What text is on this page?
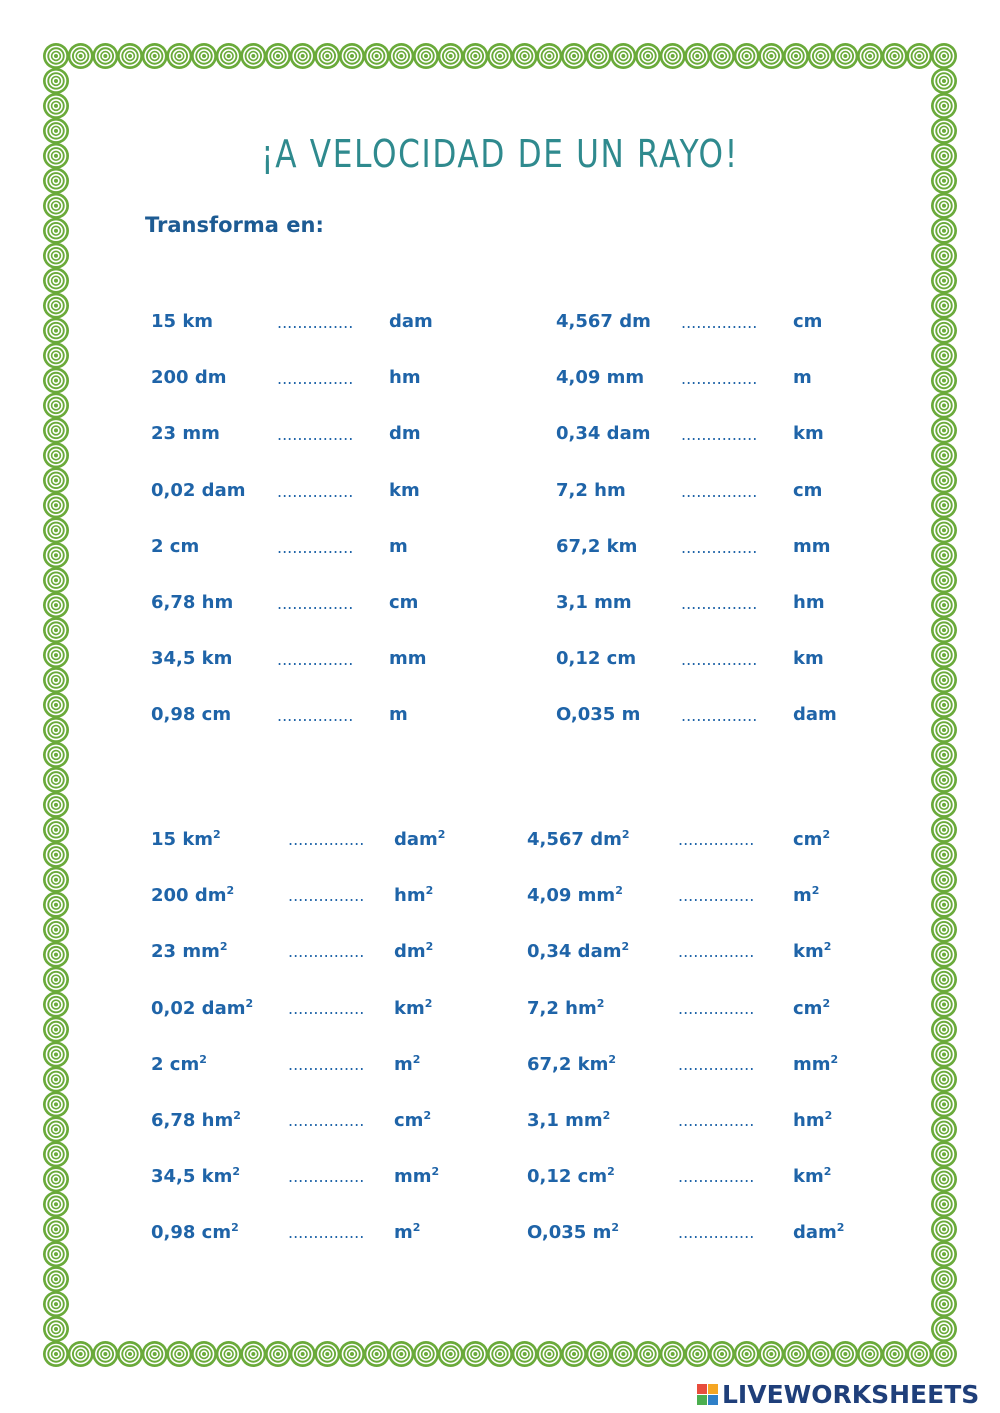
¡A VELOCIDAD DE UN RAYO!
Transforma en:
15 km	............... dam
200 dm	............... hm
23 mm	............... dm
0,02 dam ............... km
2 cm	............... m
6,78 hm	............... cm
34,5 km	............... mm
0,98 cm	............... m
4,567 dm ............... cm
4,09 mm ............... m
0,34 dam ............... km
7,2 hm	............... cm
67,2 km	............... mm
3,1 mm	............... hm
0,12 cm	............... km
O,035 m	............... dam
15 $km^2$	............... dam$^2$
200 $dm^2$	............... $hm^2$
23 $mm^2$	............... $dm^2$
0,02 dam$^2$ ............... $km^2$
2 $cm^2$	............... $m^2$
6,78 $hm^2$	............... $cm^2$
34,5 $km^2$	............... $mm^2$
0,98 $cm^2$	............... $m^2$
4,567 $dm^2$	............... $cm^2$
4,09 $mm^2$	............... $m^2$
0,34 dam$^2$	............... $km^2$
7,2 $hm^2$	............... $cm^2$
67,2 $km^2$	............... $mm^2$
3,1 $mm^2$	............... $hm^2$
0,12 $cm^2$	............... $km^2$
O,035 $m^2$	............... dam$^2$
LIVEWORKSHEETS
